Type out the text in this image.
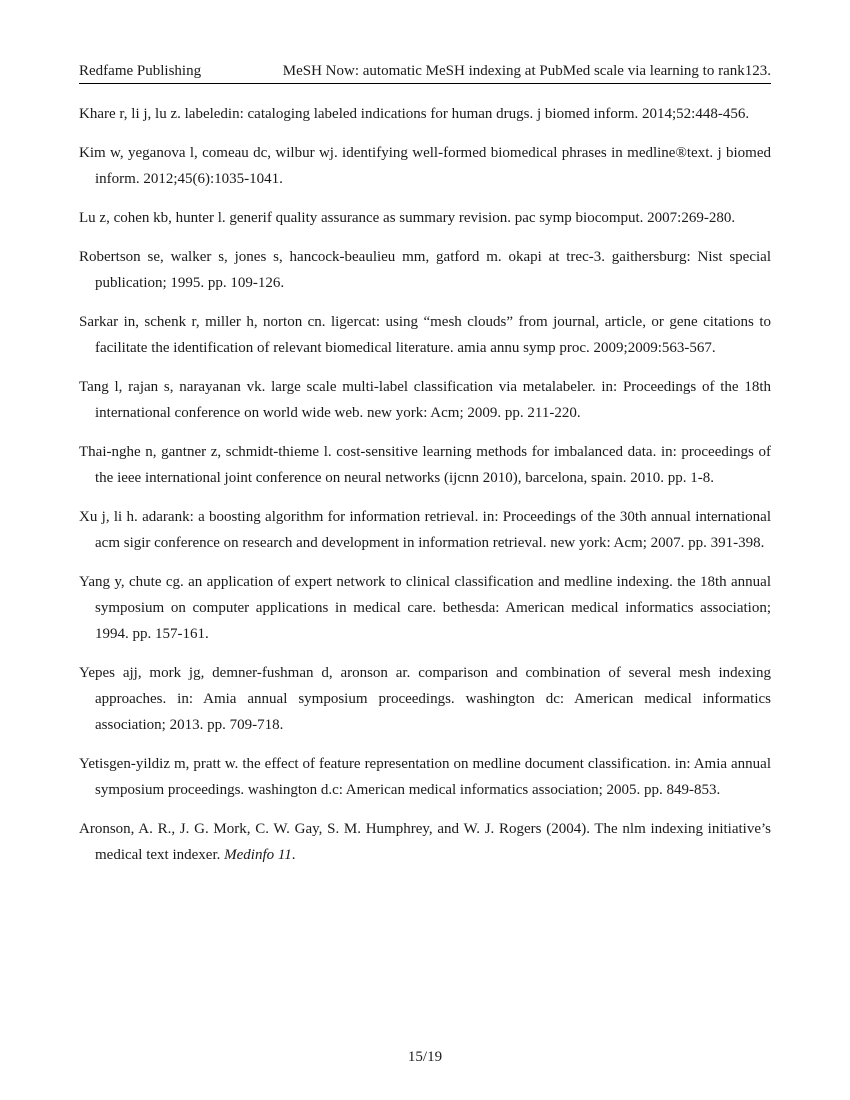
Redfame Publishing	MeSH Now: automatic MeSH indexing at PubMed scale via learning to rank123.
Khare r, li j, lu z. labeledin: cataloging labeled indications for human drugs. j biomed inform. 2014;52:448-456.
Kim w, yeganova l, comeau dc, wilbur wj. identifying well-formed biomedical phrases in medline®text. j biomed inform. 2012;45(6):1035-1041.
Lu z, cohen kb, hunter l. generif quality assurance as summary revision. pac symp biocomput. 2007:269-280.
Robertson se, walker s, jones s, hancock-beaulieu mm, gatford m. okapi at trec-3. gaithersburg: Nist special publication; 1995. pp. 109-126.
Sarkar in, schenk r, miller h, norton cn. ligercat: using “mesh clouds” from journal, article, or gene citations to facilitate the identification of relevant biomedical literature. amia annu symp proc. 2009;2009:563-567.
Tang l, rajan s, narayanan vk. large scale multi-label classification via metalabeler. in: Proceedings of the 18th international conference on world wide web. new york: Acm; 2009. pp. 211-220.
Thai-nghe n, gantner z, schmidt-thieme l. cost-sensitive learning methods for imbalanced data. in: proceedings of the ieee international joint conference on neural networks (ijcnn 2010), barcelona, spain. 2010. pp. 1-8.
Xu j, li h. adarank: a boosting algorithm for information retrieval. in: Proceedings of the 30th annual international acm sigir conference on research and development in information retrieval. new york: Acm; 2007. pp. 391-398.
Yang y, chute cg. an application of expert network to clinical classification and medline indexing. the 18th annual symposium on computer applications in medical care. bethesda: American medical informatics association; 1994. pp. 157-161.
Yepes ajj, mork jg, demner-fushman d, aronson ar. comparison and combination of several mesh indexing approaches. in: Amia annual symposium proceedings. washington dc: American medical informatics association; 2013. pp. 709-718.
Yetisgen-yildiz m, pratt w. the effect of feature representation on medline document classification. in: Amia annual symposium proceedings. washington d.c: American medical informatics association; 2005. pp. 849-853.
Aronson, A. R., J. G. Mork, C. W. Gay, S. M. Humphrey, and W. J. Rogers (2004). The nlm indexing initiative’s medical text indexer. Medinfo 11.
15/19
